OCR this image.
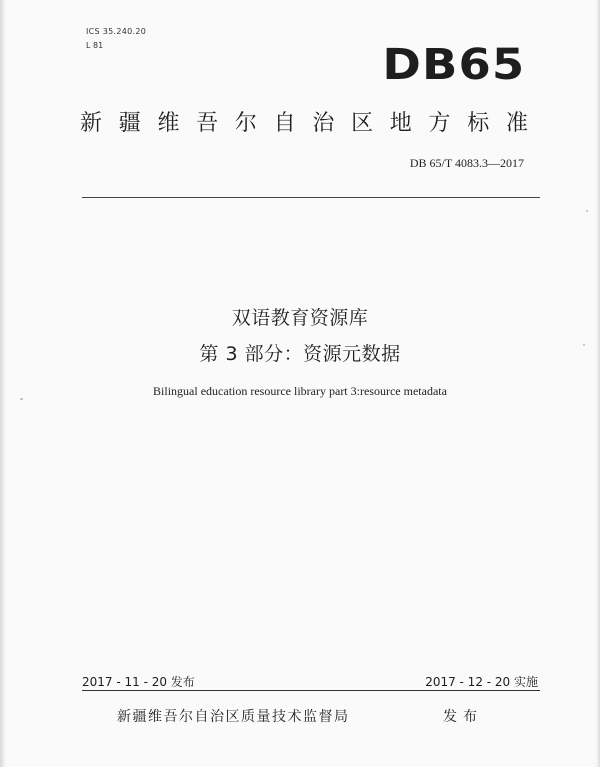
ICS 35.240.20
L 81	DB65
新疆维吾尔自治区地方标准
DB 65/T 4083.3—2017
双语教育资源库
第 3 部分：资源元数据
Bilingual education resource library part 3:resource metadata
2017 - 11 - 20 发布	2017 - 12 - 20 实施
新疆维吾尔自治区质量技术监督局	发布
